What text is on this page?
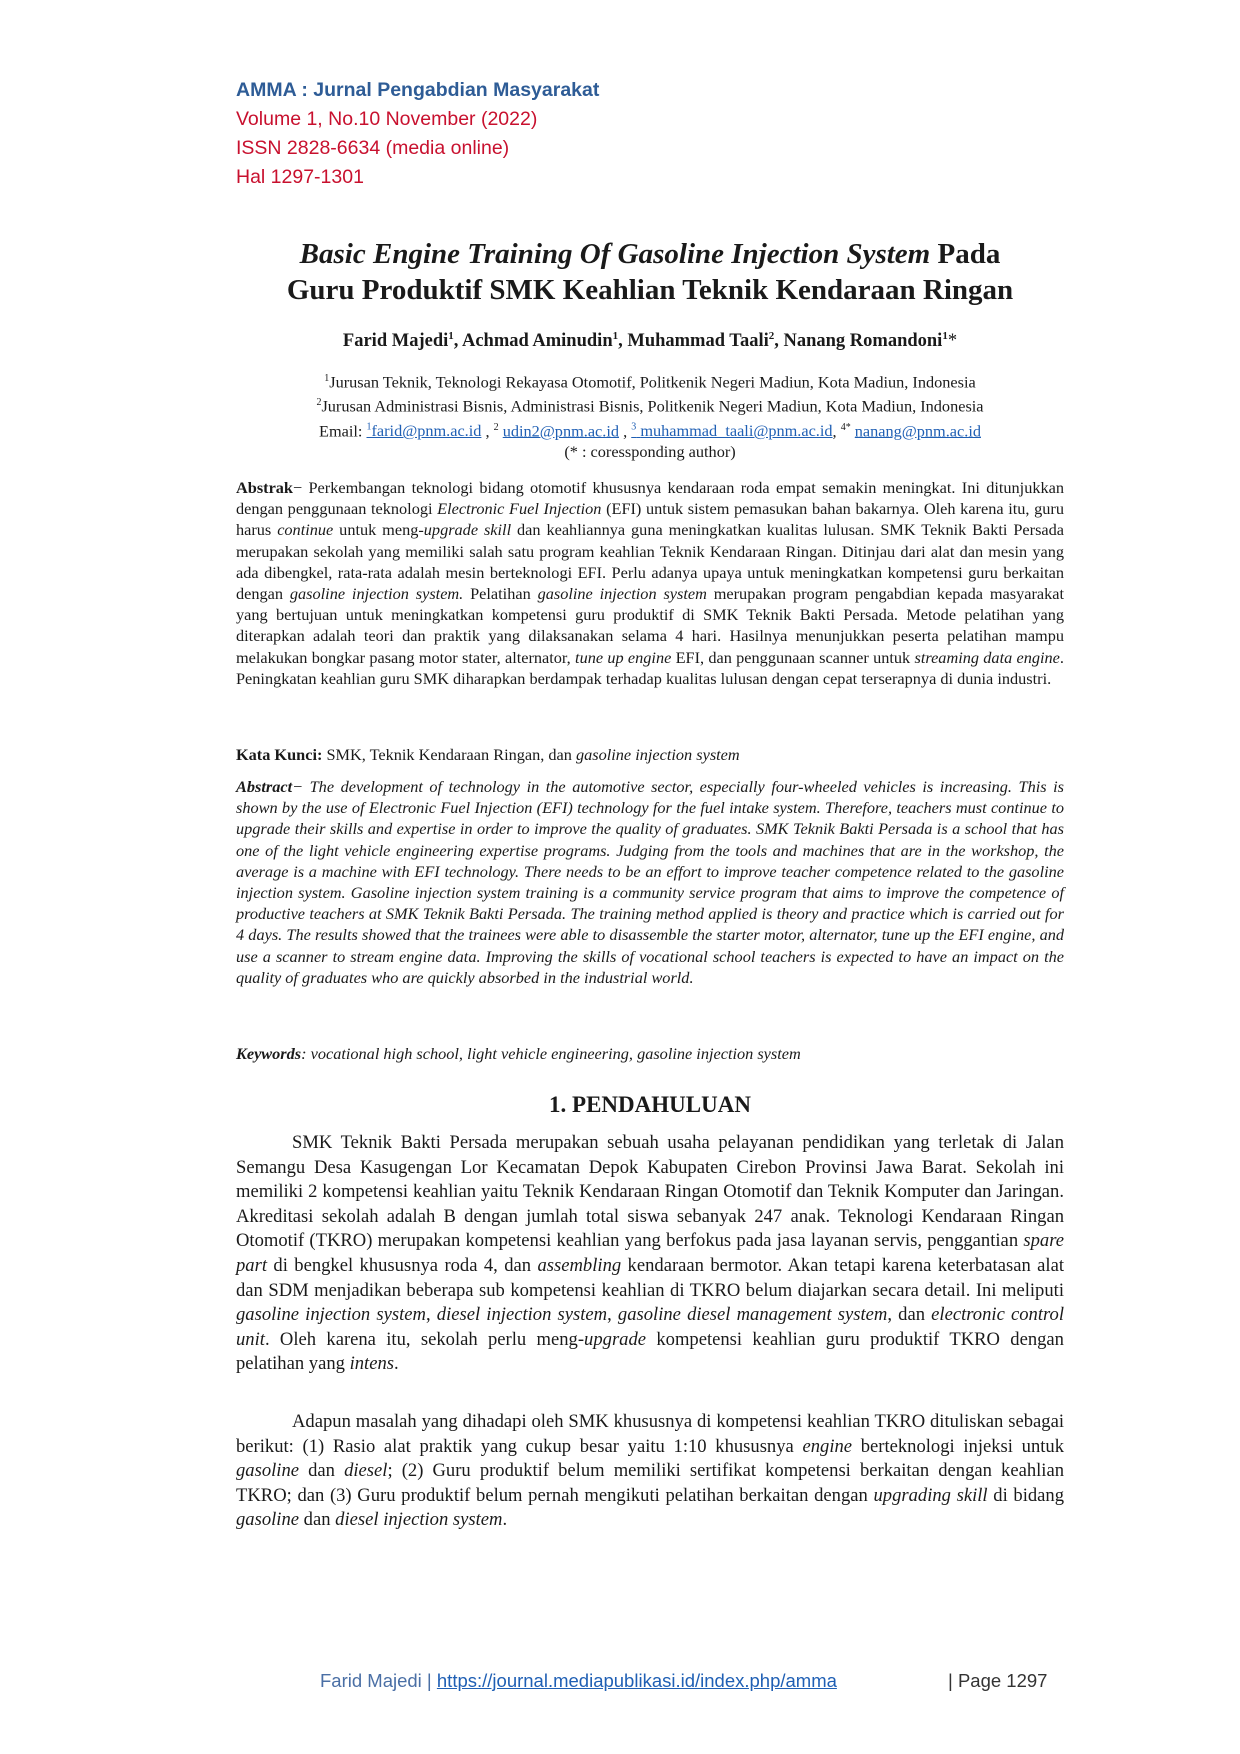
AMMA : Jurnal Pengabdian Masyarakat
Volume 1, No.10 November (2022)
ISSN 2828-6634 (media online)
Hal 1297-1301
Basic Engine Training Of Gasoline Injection System Pada
Guru Produktif SMK Keahlian Teknik Kendaraan Ringan
Farid Majedi$^1$, Achmad Aminudin$^1$, Muhammad Taali$^2$, Nanang Romandoni$^1$*
$^1$Jurusan Teknik, Teknologi Rekayasa Otomotif, Politkenik Negeri Madiun, Kota Madiun, Indonesia
$^2$Jurusan Administrasi Bisnis, Administrasi Bisnis, Politkenik Negeri Madiun, Kota Madiun, Indonesia
Email: $^1$farid@pnm.ac.id , $^2$ udin2@pnm.ac.id , $^3$ muhammad_taali@pnm.ac.id, $^{4*}$ nanang@pnm.ac.id
(* : coressponding author)
Abstrak− Perkembangan teknologi bidang otomotif khususnya kendaraan roda empat semakin meningkat. Ini ditunjukkan dengan penggunaan teknologi Electronic Fuel Injection (EFI) untuk sistem pemasukan bahan bakarnya. Oleh karena itu, guru harus continue untuk meng-upgrade skill dan keahliannya guna meningkatkan kualitas lulusan. SMK Teknik Bakti Persada merupakan sekolah yang memiliki salah satu program keahlian Teknik Kendaraan Ringan. Ditinjau dari alat dan mesin yang ada dibengkel, rata-rata adalah mesin berteknologi EFI. Perlu adanya upaya untuk meningkatkan kompetensi guru berkaitan dengan gasoline injection system. Pelatihan gasoline injection system merupakan program pengabdian kepada masyarakat yang bertujuan untuk meningkatkan kompetensi guru produktif di SMK Teknik Bakti Persada. Metode pelatihan yang diterapkan adalah teori dan praktik yang dilaksanakan selama 4 hari. Hasilnya menunjukkan peserta pelatihan mampu melakukan bongkar pasang motor stater, alternator, tune up engine EFI, dan penggunaan scanner untuk streaming data engine. Peningkatan keahlian guru SMK diharapkan berdampak terhadap kualitas lulusan dengan cepat terserapnya di dunia industri.
Kata Kunci: SMK, Teknik Kendaraan Ringan, dan gasoline injection system
Abstract− The development of technology in the automotive sector, especially four-wheeled vehicles is increasing. This is shown by the use of Electronic Fuel Injection (EFI) technology for the fuel intake system. Therefore, teachers must continue to upgrade their skills and expertise in order to improve the quality of graduates. SMK Teknik Bakti Persada is a school that has one of the light vehicle engineering expertise programs. Judging from the tools and machines that are in the workshop, the average is a machine with EFI technology. There needs to be an effort to improve teacher competence related to the gasoline injection system. Gasoline injection system training is a community service program that aims to improve the competence of productive teachers at SMK Teknik Bakti Persada. The training method applied is theory and practice which is carried out for 4 days. The results showed that the trainees were able to disassemble the starter motor, alternator, tune up the EFI engine, and use a scanner to stream engine data. Improving the skills of vocational school teachers is expected to have an impact on the quality of graduates who are quickly absorbed in the industrial world.
Keywords: vocational high school, light vehicle engineering, gasoline injection system
1. PENDAHULUAN
SMK Teknik Bakti Persada merupakan sebuah usaha pelayanan pendidikan yang terletak di Jalan Semangu Desa Kasugengan Lor Kecamatan Depok Kabupaten Cirebon Provinsi Jawa Barat. Sekolah ini memiliki 2 kompetensi keahlian yaitu Teknik Kendaraan Ringan Otomotif dan Teknik Komputer dan Jaringan. Akreditasi sekolah adalah B dengan jumlah total siswa sebanyak 247 anak. Teknologi Kendaraan Ringan Otomotif (TKRO) merupakan kompetensi keahlian yang berfokus pada jasa layanan servis, penggantian spare part di bengkel khususnya roda 4, dan assembling kendaraan bermotor. Akan tetapi karena keterbatasan alat dan SDM menjadikan beberapa sub kompetensi keahlian di TKRO belum diajarkan secara detail. Ini meliputi gasoline injection system, diesel injection system, gasoline diesel management system, dan electronic control unit. Oleh karena itu, sekolah perlu meng-upgrade kompetensi keahlian guru produktif TKRO dengan pelatihan yang intens.
Adapun masalah yang dihadapi oleh SMK khususnya di kompetensi keahlian TKRO dituliskan sebagai berikut: (1) Rasio alat praktik yang cukup besar yaitu 1:10 khususnya engine berteknologi injeksi untuk gasoline dan diesel; (2) Guru produktif belum memiliki sertifikat kompetensi berkaitan dengan keahlian TKRO; dan (3) Guru produktif belum pernah mengikuti pelatihan berkaitan dengan upgrading skill di bidang gasoline dan diesel injection system.
Farid Majedi | https://journal.mediapublikasi.id/index.php/amma	| Page 1297
